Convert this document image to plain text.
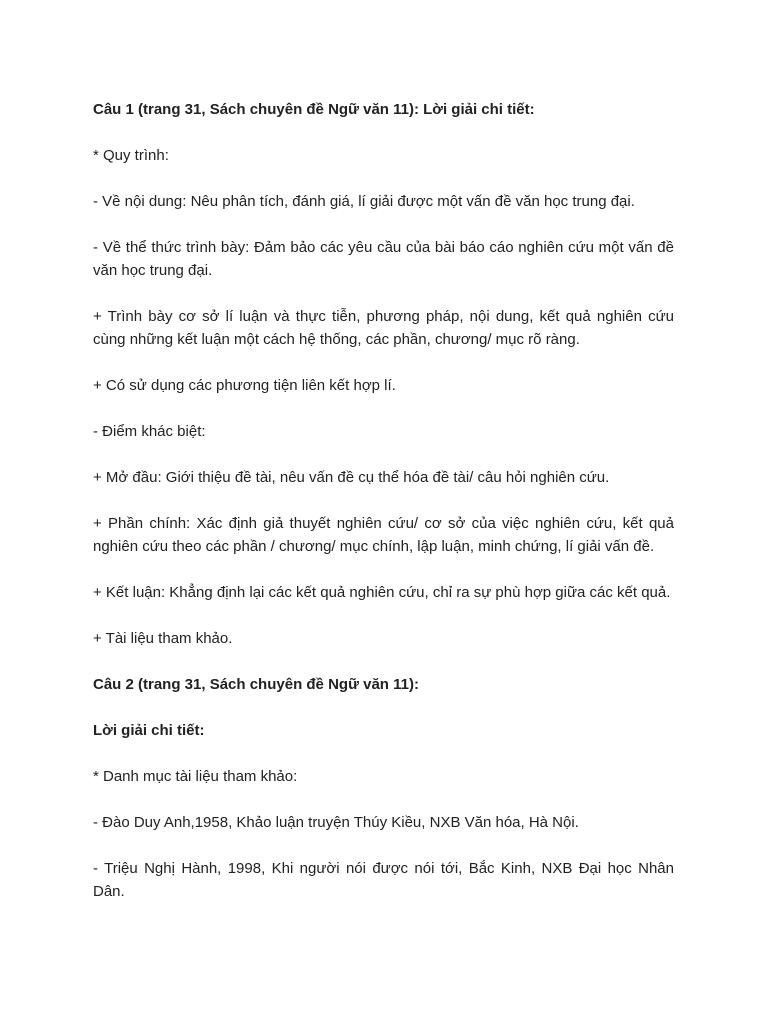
Câu 1 (trang 31, Sách chuyên đề Ngữ văn 11): Lời giải chi tiết:

* Quy trình:

- Về nội dung: Nêu phân tích, đánh giá, lí giải được một vấn đề văn học trung đại.

- Về thể thức trình bày: Đảm bảo các yêu cầu của bài báo cáo nghiên cứu một vấn đề văn học trung đại.

+ Trình bày cơ sở lí luận và thực tiễn, phương pháp, nội dung, kết quả nghiên cứu cùng những kết luận một cách hệ thống, các phần, chương/ mục rõ ràng.

+ Có sử dụng các phương tiện liên kết hợp lí.

- Điểm khác biệt:

+ Mở đầu: Giới thiệu đề tài, nêu vấn đề cụ thể hóa đề tài/ câu hỏi nghiên cứu.

+ Phần chính: Xác định giả thuyết nghiên cứu/ cơ sở của việc nghiên cứu, kết quả nghiên cứu theo các phần / chương/ mục chính, lập luận, minh chứng, lí giải vấn đề.

+ Kết luận: Khẳng định lại các kết quả nghiên cứu, chỉ ra sự phù hợp giữa các kết quả.

+ Tài liệu tham khảo.

Câu 2 (trang 31, Sách chuyên đề Ngữ văn 11):

Lời giải chi tiết:

* Danh mục tài liệu tham khảo:

- Đào Duy Anh,1958, Khảo luận truyện Thúy Kiều, NXB Văn hóa, Hà Nội.

- Triệu Nghị Hành, 1998, Khi người nói được nói tới, Bắc Kinh, NXB Đại học Nhân Dân.
